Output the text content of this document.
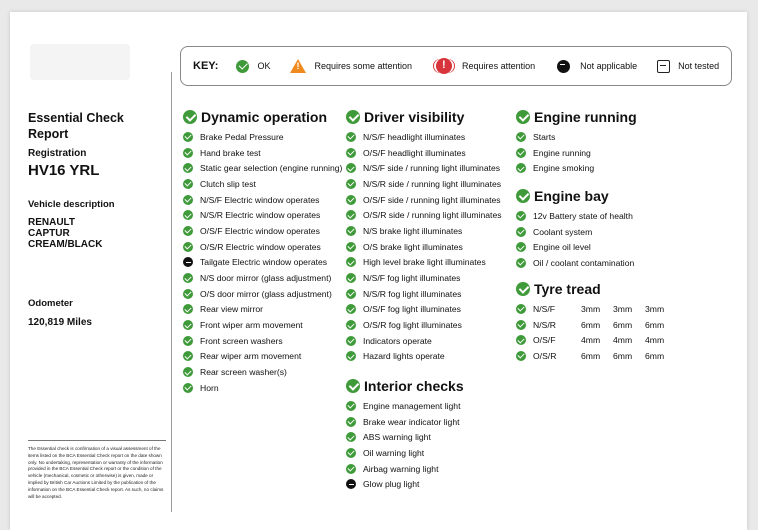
KEY:	OK !	Requires some attention !	Requires attention	Not applicable	Not tested
Essential Check Report
Registration
HV16 YRL
Vehicle description
RENAULT
CAPTUR
CREAM/BLACK
Odometer
120,819 Miles
The Essential check is confirmation of a visual assessment of the items listed on the BCA Essential Check report on the date shown only. No undertaking, representation or warranty of the information provided in the BCA Essential Check report or the condition of the vehicle (mechanical, cosmetic or otherwise) is given, made or implied by British Car Auctions Limited by the publication of the information on the BCA Essential Check report. As such, no claims will be accepted.
Dynamic operation
Brake Pedal Pressure
Hand brake test
Static gear selection (engine running)
Clutch slip test
N/S/F Electric window operates
N/S/R Electric window operates
O/S/F Electric window operates
O/S/R Electric window operates
Tailgate Electric window operates
N/S door mirror (glass adjustment)
O/S door mirror (glass adjustment)
Rear view mirror
Front wiper arm movement
Front screen washers
Rear wiper arm movement
Rear screen washer(s)
Horn
Driver visibility
N/S/F headlight illuminates
O/S/F headlight illuminates
N/S/F side / running light illuminates
N/S/R side / running light illuminates
O/S/F side / running light illuminates
O/S/R side / running light illuminates
N/S brake light illuminates
O/S brake light illuminates
High level brake light illuminates
N/S/F fog light illuminates
N/S/R fog light illuminates
O/S/F fog light illuminates
O/S/R fog light illuminates
Indicators operate
Hazard lights operate
Interior checks
Engine management light
Brake wear indicator light
ABS warning light
Oil warning light
Airbag warning light
Glow plug light
Engine running
Starts
Engine running
Engine smoking
Engine bay
12v Battery state of health
Coolant system
Engine oil level
Oil / coolant contamination
Tyre tread
N/S/F	3mm	3mm	3mm
N/S/R	6mm	6mm	6mm
O/S/F	4mm	4mm	4mm
O/S/R	6mm	6mm	6mm
